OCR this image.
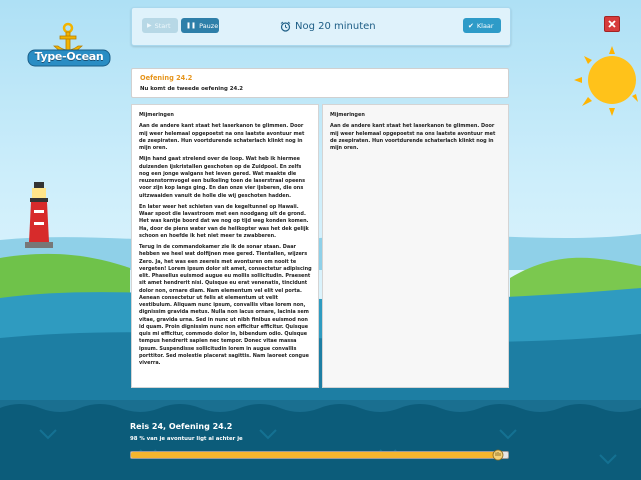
Type-Ocean
▶ Start	❚❚ Pauze	Nog 20 minuten	✔ Klaar
Oefening 24.2
Nu komt de tweede oefening 24.2

Mijmeringen

Aan de andere kant staat het laserkanon te glimmen. Door mij weer helemaal opgepoetst na ons laatste avontuur met de zeepiraten. Hun voortdurende schaterlach klinkt nog in mijn oren.

Mijn hand gaat strelend over de loop. Wat heb ik hiermee duizenden ijskristallen geschoten op de Zuidpool. En zelfs nog een jonge walgans het leven gered. Wat maakte die reuzenstormvogel een bulkeling toen de laserstraal opeens voor zijn kop langs ging. En dan onze vier ijsberen, die ons uitzwaaiden vanuit de holle die wij geschoten hadden.

En later weer het schieten van de kegeltunnel op Hawaii. Waar spoot die lavastroom met een noodgang uit de grond. Het was kantje boord dat we nog op tijd weg konden komen. Ha, door de piens water van de helikopter was het dek gelijk schoon en hoefde ik het niet meer te zwabberen.

Terug in de commandokamer zie ik de sonar staan. Daar hebben we heel wat dolfijnen mee gered. Tientallen, wijzers Zero. Ja, het was een zeereis met avonturen om nooit te vergeten! Lorem ipsum dolor sit amet, consectetur adipiscing elit. Phasellus euismod augue eu mollis sollicitudin. Praesent sit amet hendrerit nisi. Quisque eu erat venenatis, tincidunt dolor non, ornare diam. Nam elementum vel elit vel porta. Aenean consectetur ut felis at elementum ut velit vestibulum. Aliquam nunc ipsum, convallis vitae lorem non, dignissim gravida metus. Nulla non lacus ornare, lacinia sem vitae, gravida urna. Sed in nunc ut nibh finibus euismod non id quam. Proin dignissim nunc non efficitur efficitur. Quisque quis mi efficitur, commodo dolor in, bibendum odio. Quisque tempus hendrerit sapien nec tempor. Donec vitae massa ipsum. Suspendisse sollicitudin lorem in augue convallis porttitor. Sed molestie placerat sagittis. Nam laoreet congue viverra.

Mijmeringen

Aan de andere kant staat het laserkanon te glimmen. Door mij weer helemaal opgepoetst na ons laatste avontuur met de zeepiraten. Hun voortdurende schaterlach klinkt nog in mijn oren.

Reis 24, Oefening 24.2
98 % van je avontuur ligt al achter je
